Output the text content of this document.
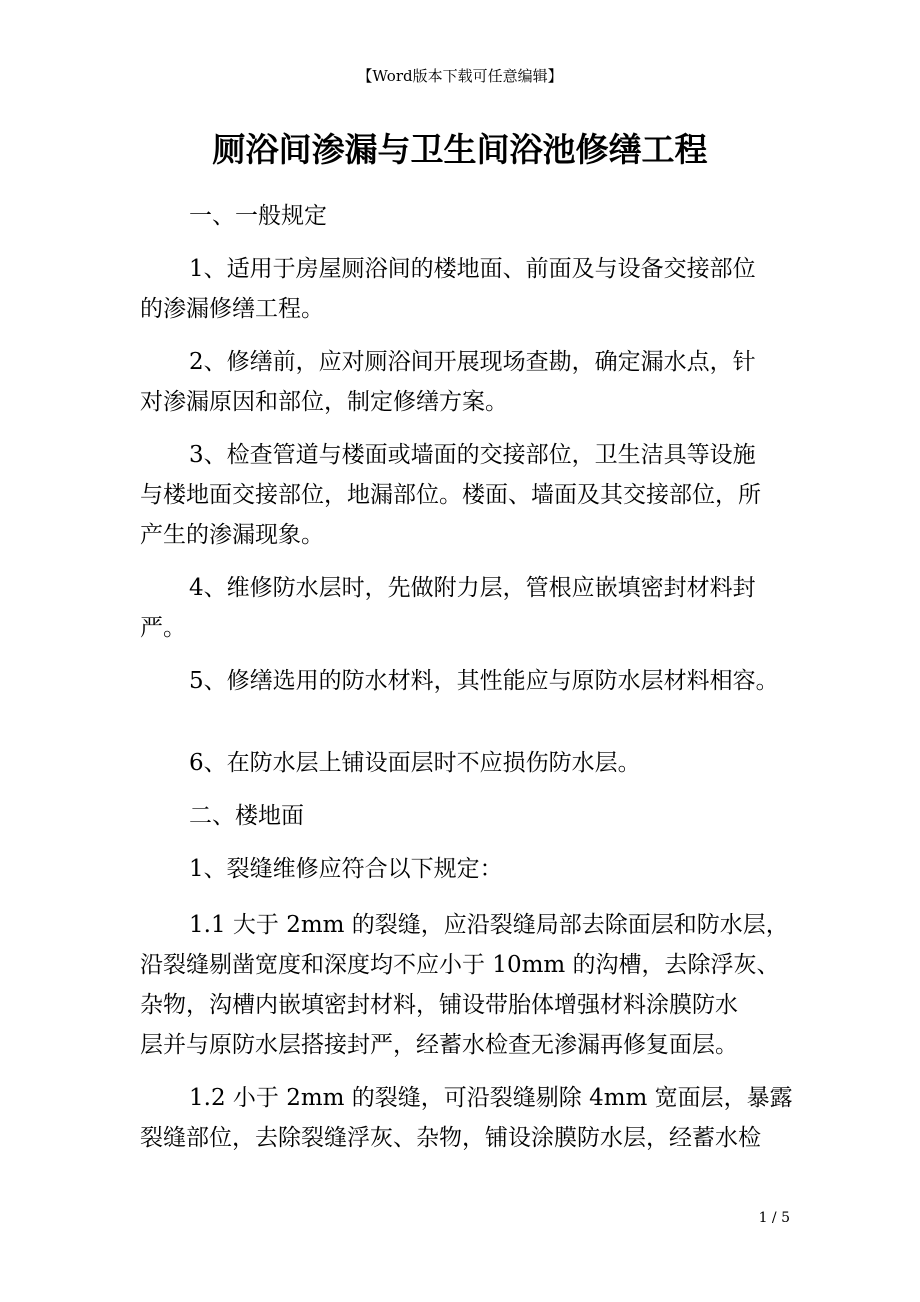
【Word版本下载可任意编辑】
厕浴间渗漏与卫生间浴池修缮工程
一、一般规定
1、适用于房屋厕浴间的楼地面、前面及与设备交接部位
的渗漏修缮工程。
2、修缮前，应对厕浴间开展现场查勘，确定漏水点，针
对渗漏原因和部位，制定修缮方案。
3、检查管道与楼面或墙面的交接部位，卫生洁具等设施
与楼地面交接部位，地漏部位。楼面、墙面及其交接部位，所
产生的渗漏现象。
4、维修防水层时，先做附力层，管根应嵌填密封材料封
严。
5、修缮选用的防水材料，其性能应与原防水层材料相容。
6、在防水层上铺设面层时不应损伤防水层。
二、楼地面
1、裂缝维修应符合以下规定：
1.1 大于 2mm 的裂缝，应沿裂缝局部去除面层和防水层，
沿裂缝剔凿宽度和深度均不应小于 10mm 的沟槽，去除浮灰、
杂物，沟槽内嵌填密封材料，铺设带胎体增强材料涂膜防水
层并与原防水层搭接封严，经蓄水检查无渗漏再修复面层。
1.2 小于 2mm 的裂缝，可沿裂缝剔除 4mm 宽面层，暴露
裂缝部位，去除裂缝浮灰、杂物，铺设涂膜防水层，经蓄水检
1 / 5
